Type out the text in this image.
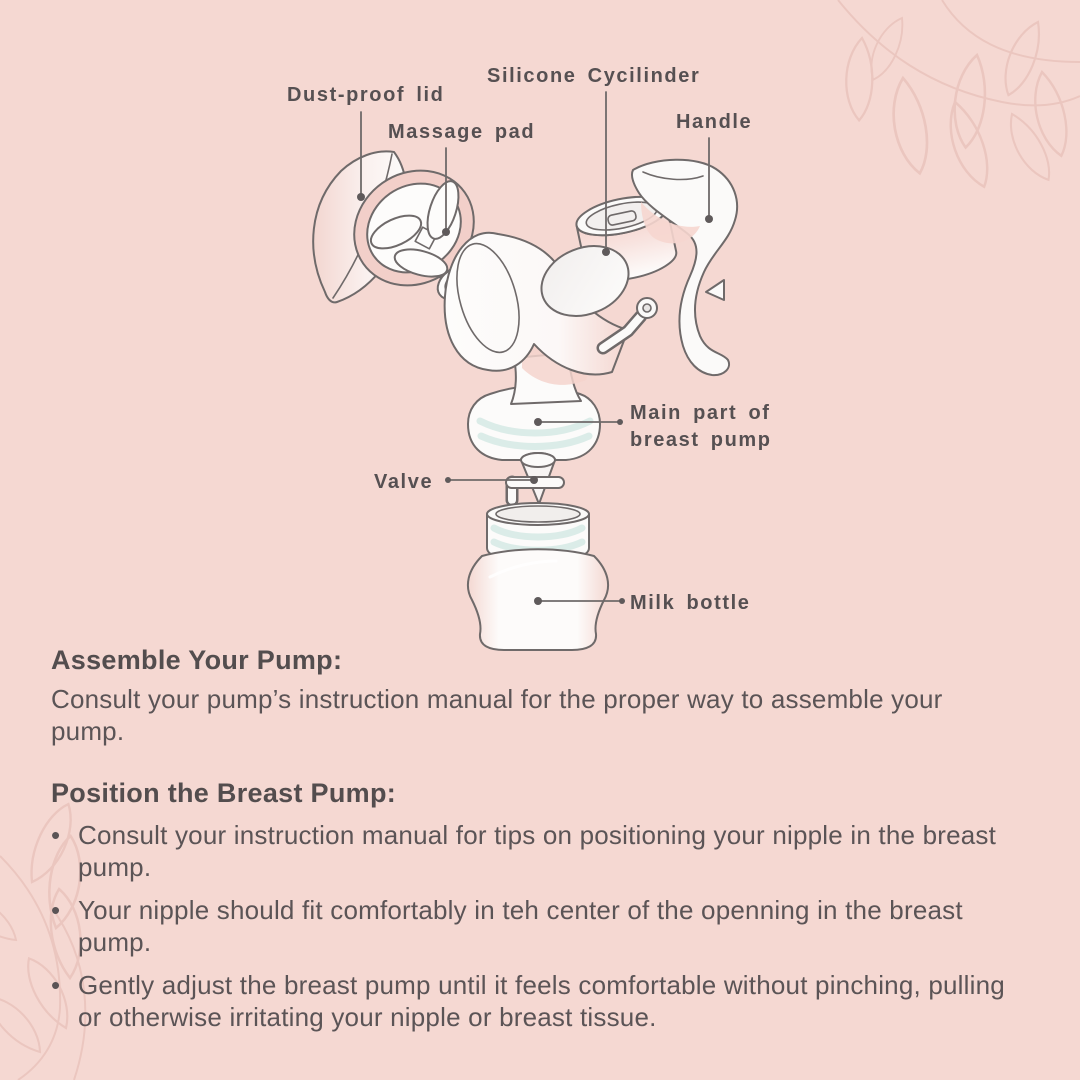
Dust-proof lid
Massage pad
Silicone Cycilinder
Handle
Main part of breast pump
Valve
Milk bottle
Assemble Your Pump:

Consult your pump’s instruction manual for the proper way to assemble your pump.

Position the Breast Pump:
• Consult your instruction manual for tips on positioning your nipple in the breast pump.
• Your nipple should fit comfortably in teh center of the openning in the breast pump.
• Gently adjust the breast pump until it feels comfortable without pinching, pulling or otherwise irritating your nipple or breast tissue.
